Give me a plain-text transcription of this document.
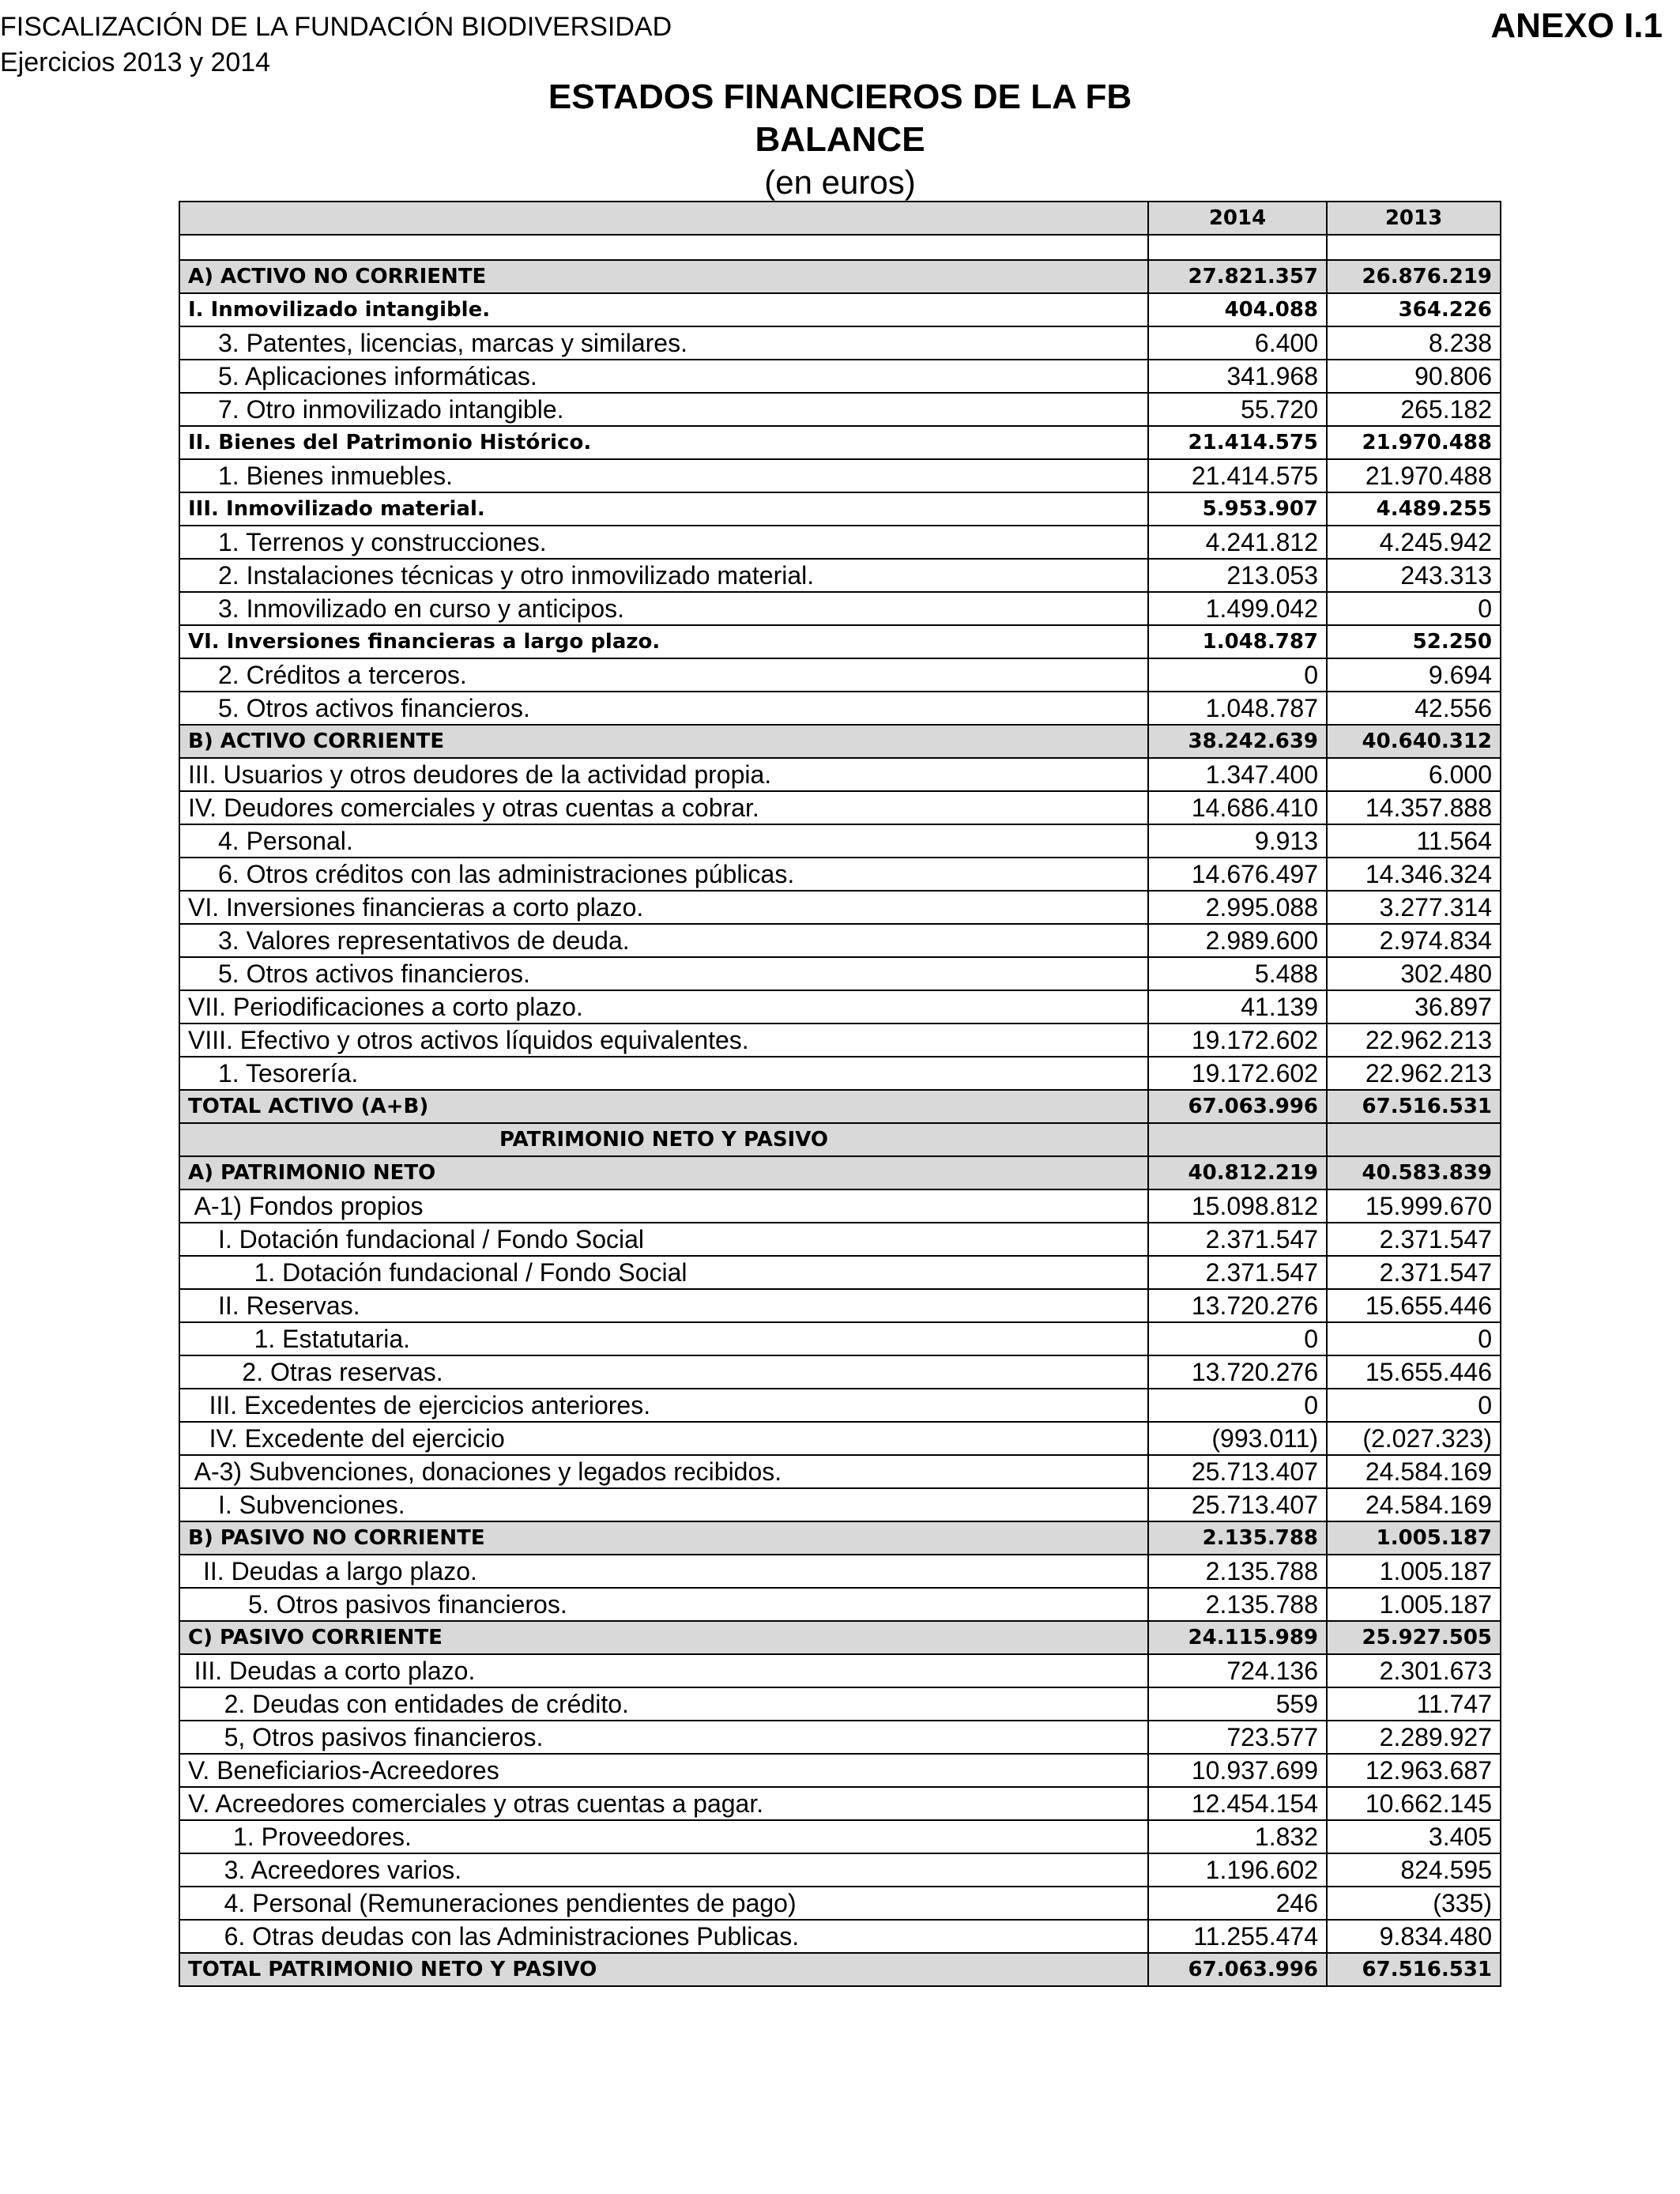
FISCALIZACIÓN DE LA FUNDACIÓN BIODIVERSIDAD
Ejercicios 2013 y 2014
ANEXO I.1
ESTADOS FINANCIEROS DE LA FB
BALANCE
(en euros)
	2014	2013

A) ACTIVO NO CORRIENTE	27.821.357	26.876.219
I. Inmovilizado intangible.	404.088	364.226
3. Patentes, licencias, marcas y similares.	6.400	8.238
5. Aplicaciones informáticas.	341.968	90.806
7. Otro inmovilizado intangible.	55.720	265.182
II. Bienes del Patrimonio Histórico.	21.414.575	21.970.488
1. Bienes inmuebles.	21.414.575	21.970.488
III. Inmovilizado material.	5.953.907	4.489.255
1. Terrenos y construcciones.	4.241.812	4.245.942
2. Instalaciones técnicas y otro inmovilizado material.	213.053	243.313
3. Inmovilizado en curso y anticipos.	1.499.042	0
VI. Inversiones financieras a largo plazo.	1.048.787	52.250
2. Créditos a terceros.	0	9.694
5. Otros activos financieros.	1.048.787	42.556
B) ACTIVO CORRIENTE	38.242.639	40.640.312
III. Usuarios y otros deudores de la actividad propia.	1.347.400	6.000
IV. Deudores comerciales y otras cuentas a cobrar.	14.686.410	14.357.888
4. Personal.	9.913	11.564
6. Otros créditos con las administraciones públicas.	14.676.497	14.346.324
VI. Inversiones financieras a corto plazo.	2.995.088	3.277.314
3. Valores representativos de deuda.	2.989.600	2.974.834
5. Otros activos financieros.	5.488	302.480
VII. Periodificaciones a corto plazo.	41.139	36.897
VIII. Efectivo y otros activos líquidos equivalentes.	19.172.602	22.962.213
1. Tesorería.	19.172.602	22.962.213
TOTAL ACTIVO (A+B)	67.063.996	67.516.531
PATRIMONIO NETO Y PASIVO		
A) PATRIMONIO NETO	40.812.219	40.583.839
A-1) Fondos propios	15.098.812	15.999.670
I. Dotación fundacional / Fondo Social	2.371.547	2.371.547
1. Dotación fundacional / Fondo Social	2.371.547	2.371.547
II. Reservas.	13.720.276	15.655.446
1. Estatutaria.	0	0
2. Otras reservas.	13.720.276	15.655.446
III. Excedentes de ejercicios anteriores.	0	0
IV. Excedente del ejercicio	(993.011)	(2.027.323)
A-3) Subvenciones, donaciones y legados recibidos.	25.713.407	24.584.169
I. Subvenciones.	25.713.407	24.584.169
B) PASIVO NO CORRIENTE	2.135.788	1.005.187
II. Deudas a largo plazo.	2.135.788	1.005.187
5. Otros pasivos financieros.	2.135.788	1.005.187
C) PASIVO CORRIENTE	24.115.989	25.927.505
III. Deudas a corto plazo.	724.136	2.301.673
2. Deudas con entidades de crédito.	559	11.747
5, Otros pasivos financieros.	723.577	2.289.927
V. Beneficiarios-Acreedores	10.937.699	12.963.687
V. Acreedores comerciales y otras cuentas a pagar.	12.454.154	10.662.145
1. Proveedores.	1.832	3.405
3. Acreedores varios.	1.196.602	824.595
4. Personal (Remuneraciones pendientes de pago)	246	(335)
6. Otras deudas con las Administraciones Publicas.	11.255.474	9.834.480
TOTAL PATRIMONIO NETO Y PASIVO	67.063.996	67.516.531
